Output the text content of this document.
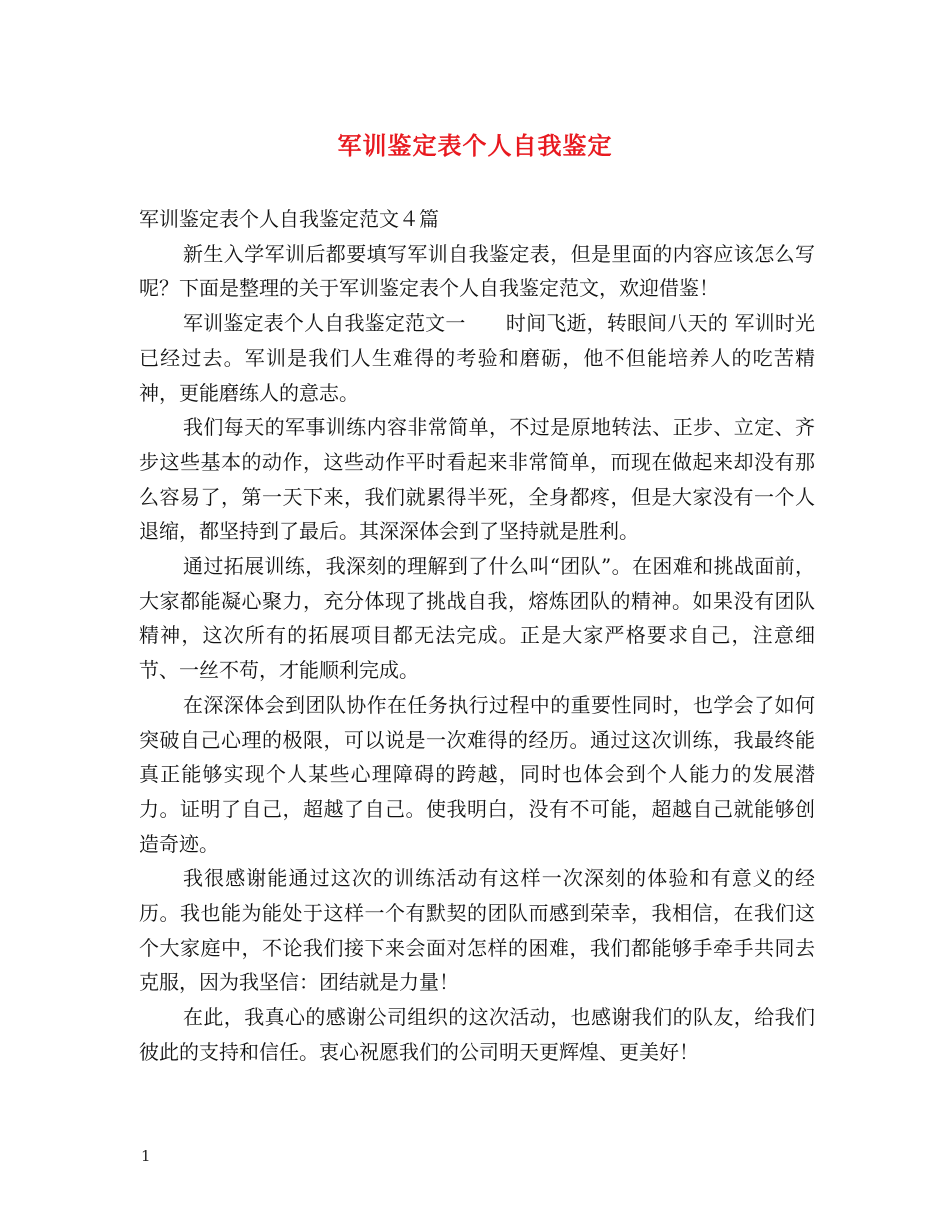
军训鉴定表个人自我鉴定

军训鉴定表个人自我鉴定范文４篇

新生入学军训后都要填写军训自我鉴定表，但是里面的内容应该怎么写呢？下面是整理的关于军训鉴定表个人自我鉴定范文，欢迎借鉴！

军训鉴定表个人自我鉴定范文一　　时间飞逝，转眼间八天的 军训时光已经过去。军训是我们人生难得的考验和磨砺，他不但能培养人的吃苦精神，更能磨练人的意志。

我们每天的军事训练内容非常简单，不过是原地转法、正步、立定、齐步这些基本的动作，这些动作平时看起来非常简单，而现在做起来却没有那么容易了，第一天下来，我们就累得半死，全身都疼，但是大家没有一个人退缩，都坚持到了最后。其深深体会到了坚持就是胜利。

通过拓展训练，我深刻的理解到了什么叫“团队”。在困难和挑战面前，大家都能凝心聚力，充分体现了挑战自我，熔炼团队的精神。如果没有团队精神，这次所有的拓展项目都无法完成。正是大家严格要求自己，注意细节、一丝不苟，才能顺利完成。

在深深体会到团队协作在任务执行过程中的重要性同时，也学会了如何突破自己心理的极限，可以说是一次难得的经历。通过这次训练，我最终能真正能够实现个人某些心理障碍的跨越，同时也体会到个人能力的发展潜力。证明了自己，超越了自己。使我明白，没有不可能，超越自己就能够创造奇迹。

我很感谢能通过这次的训练活动有这样一次深刻的体验和有意义的经历。我也能为能处于这样一个有默契的团队而感到荣幸，我相信，在我们这个大家庭中，不论我们接下来会面对怎样的困难，我们都能够手牵手共同去克服，因为我坚信：团结就是力量！

在此，我真心的感谢公司组织的这次活动，也感谢我们的队友，给我们彼此的支持和信任。衷心祝愿我们的公司明天更辉煌、更美好！

1
